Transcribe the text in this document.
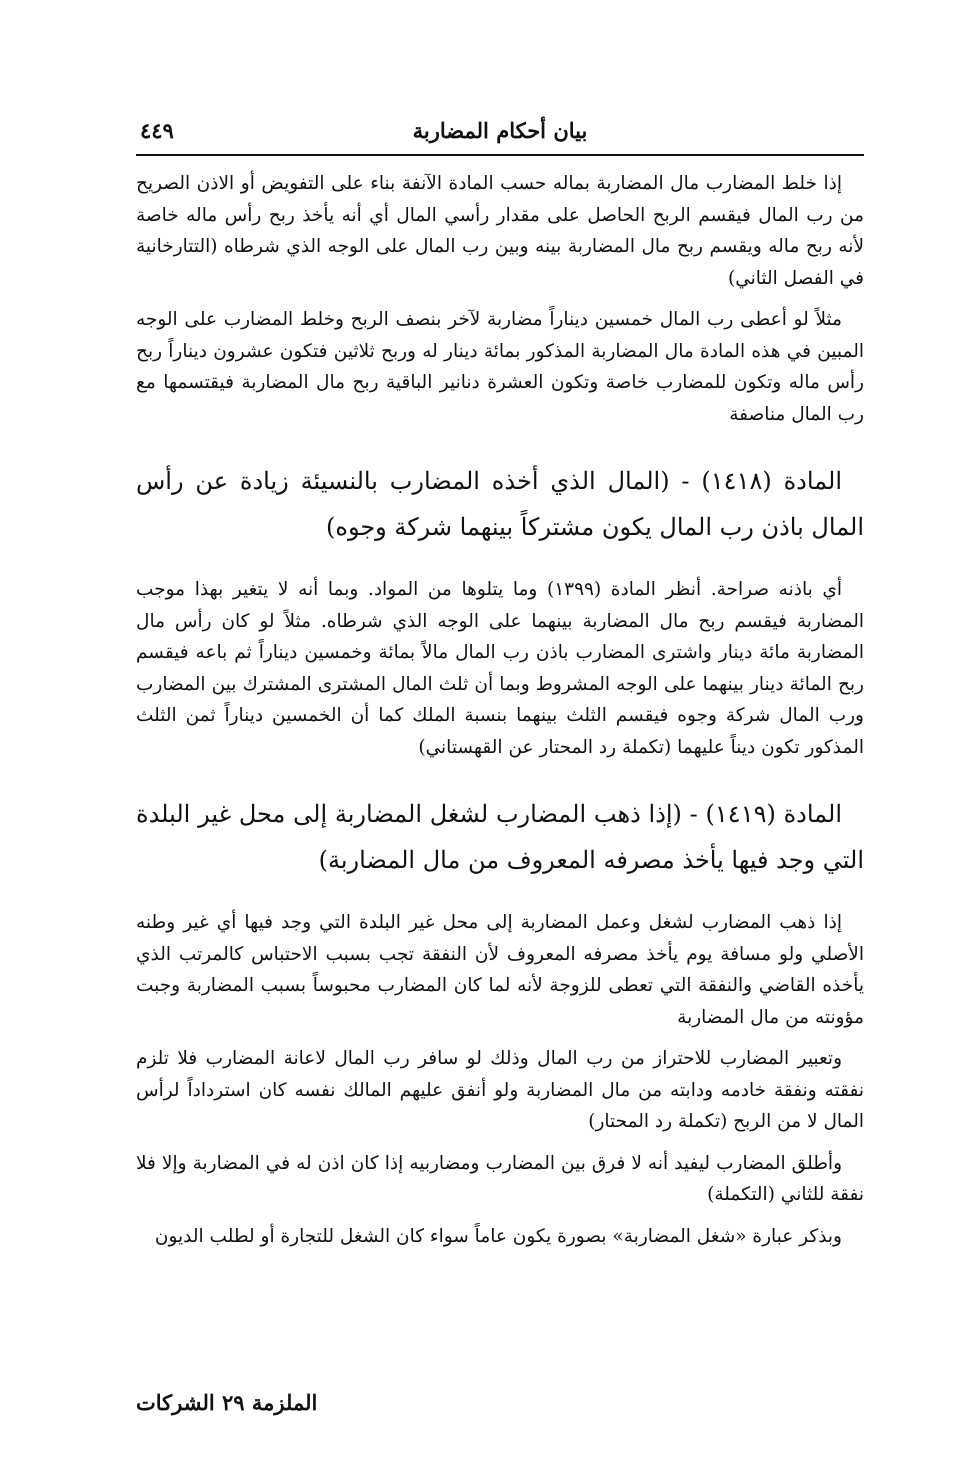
بيان أحكام المضاربة
٤٤٩

إذا خلط المضارب مال المضاربة بماله حسب المادة الآنفة بناء على التفويض أو الاذن الصريح من رب المال فيقسم الربح الحاصل على مقدار رأسي المال أي أنه يأخذ ربح رأس ماله خاصة لأنه ربح ماله ويقسم ربح مال المضاربة بينه وبين رب المال على الوجه الذي شرطاه (التتارخانية في الفصل الثاني)

مثلاً لو أعطى رب المال خمسين ديناراً مضاربة لآخر بنصف الربح وخلط المضارب على الوجه المبين في هذه المادة مال المضاربة المذكور بمائة دينار له وربح ثلاثين فتكون عشرون ديناراً ربح رأس ماله وتكون للمضارب خاصة وتكون العشرة دنانير الباقية ربح مال المضاربة فيقتسمها مع رب المال مناصفة

المادة (١٤١٨) - (المال الذي أخذه المضارب بالنسيئة زيادة عن رأس المال باذن رب المال يكون مشتركاً بينهما شركة وجوه)

أي باذنه صراحة. أنظر المادة (١٣٩٩) وما يتلوها من المواد. وبما أنه لا يتغير بهذا موجب المضاربة فيقسم ربح مال المضاربة بينهما على الوجه الذي شرطاه. مثلاً لو كان رأس مال المضاربة مائة دينار واشترى المضارب باذن رب المال مالاً بمائة وخمسين ديناراً ثم باعه فيقسم ربح المائة دينار بينهما على الوجه المشروط وبما أن ثلث المال المشترى المشترك بين المضارب ورب المال شركة وجوه فيقسم الثلث بينهما بنسبة الملك كما أن الخمسين ديناراً ثمن الثلث المذكور تكون ديناً عليهما (تكملة رد المحتار عن القهستاني)

المادة (١٤١٩) - (إذا ذهب المضارب لشغل المضاربة إلى محل غير البلدة التي وجد فيها يأخذ مصرفه المعروف من مال المضاربة)

إذا ذهب المضارب لشغل وعمل المضاربة إلى محل غير البلدة التي وجد فيها أي غير وطنه الأصلي ولو مسافة يوم يأخذ مصرفه المعروف لأن النفقة تجب بسبب الاحتباس كالمرتب الذي يأخذه القاضي والنفقة التي تعطى للزوجة لأنه لما كان المضارب محبوساً بسبب المضاربة وجبت مؤونته من مال المضاربة

وتعبير المضارب للاحتراز من رب المال وذلك لو سافر رب المال لاعانة المضارب فلا تلزم نفقته ونفقة خادمه ودابته من مال المضاربة ولو أنفق عليهم المالك نفسه كان استرداداً لرأس المال لا من الربح (تكملة رد المحتار)

وأطلق المضارب ليفيد أنه لا فرق بين المضارب ومضاربيه إذا كان اذن له في المضاربة وإلا فلا نفقة للثاني (التكملة)

وبذكر عبارة «شغل المضاربة» بصورة يكون عاماً سواء كان الشغل للتجارة أو لطلب الديون

الملزمة ٢٩ الشركات
